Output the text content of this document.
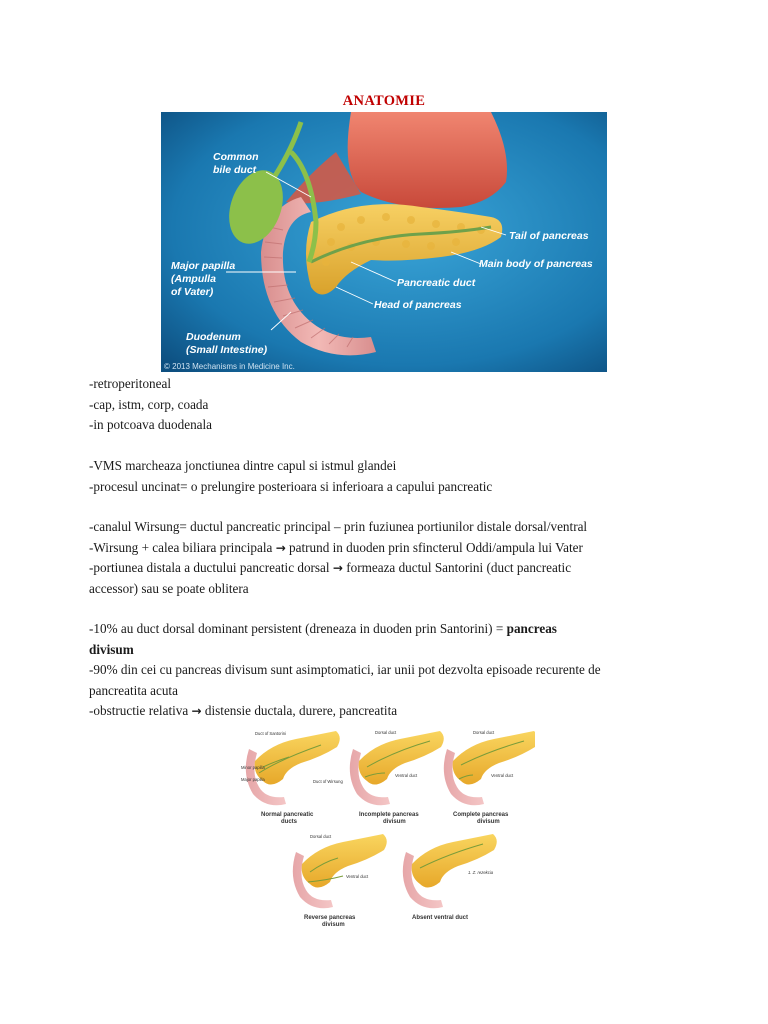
ANATOMIE
Common
bile duct
Major papilla
(Ampulla
of Vater)
Duodenum
(Small Intestine)
Tail of pancreas
Main body of pancreas
Pancreatic duct
Head of pancreas
© 2013 Mechanisms in Medicine Inc.

-retroperitoneal

-cap, istm, corp, coada

-in potcoava duodenala

-VMS marcheaza jonctiunea dintre capul si istmul glandei

-procesul uncinat= o prelungire posterioara si inferioara a capului pancreatic

-canalul Wirsung= ductul pancreatic principal – prin fuziunea portiunilor distale dorsal/ventral

-Wirsung + calea biliara principala → patrund in duoden prin sfincterul Oddi/ampula lui Vater

-portiunea distala a ductului pancreatic dorsal → formeaza ductul Santorini (duct pancreatic

accessor) sau se poate oblitera

-10% au duct dorsal dominant persistent (dreneaza in duoden prin Santorini) = pancreas

divisum

-90% din cei cu pancreas divisum sunt asimptomatici, iar unii pot dezvolta episoade recurente de

pancreatita acuta

-obstructie relativa → distensie ductala, durere, pancreatita

Duct of Santorini
Minor papilla
Major papilla	Duct of Wirsung
Normal pancreatic
ducts
Dorsal duct
Ventral duct
Incomplete pancreas
divisum
Dorsal duct
Ventral duct
Complete pancreas
divisum
Dorsal duct
Ventral duct
Reverse pancreas
divisum
1. Z. rezekcia
Absent ventral duct
